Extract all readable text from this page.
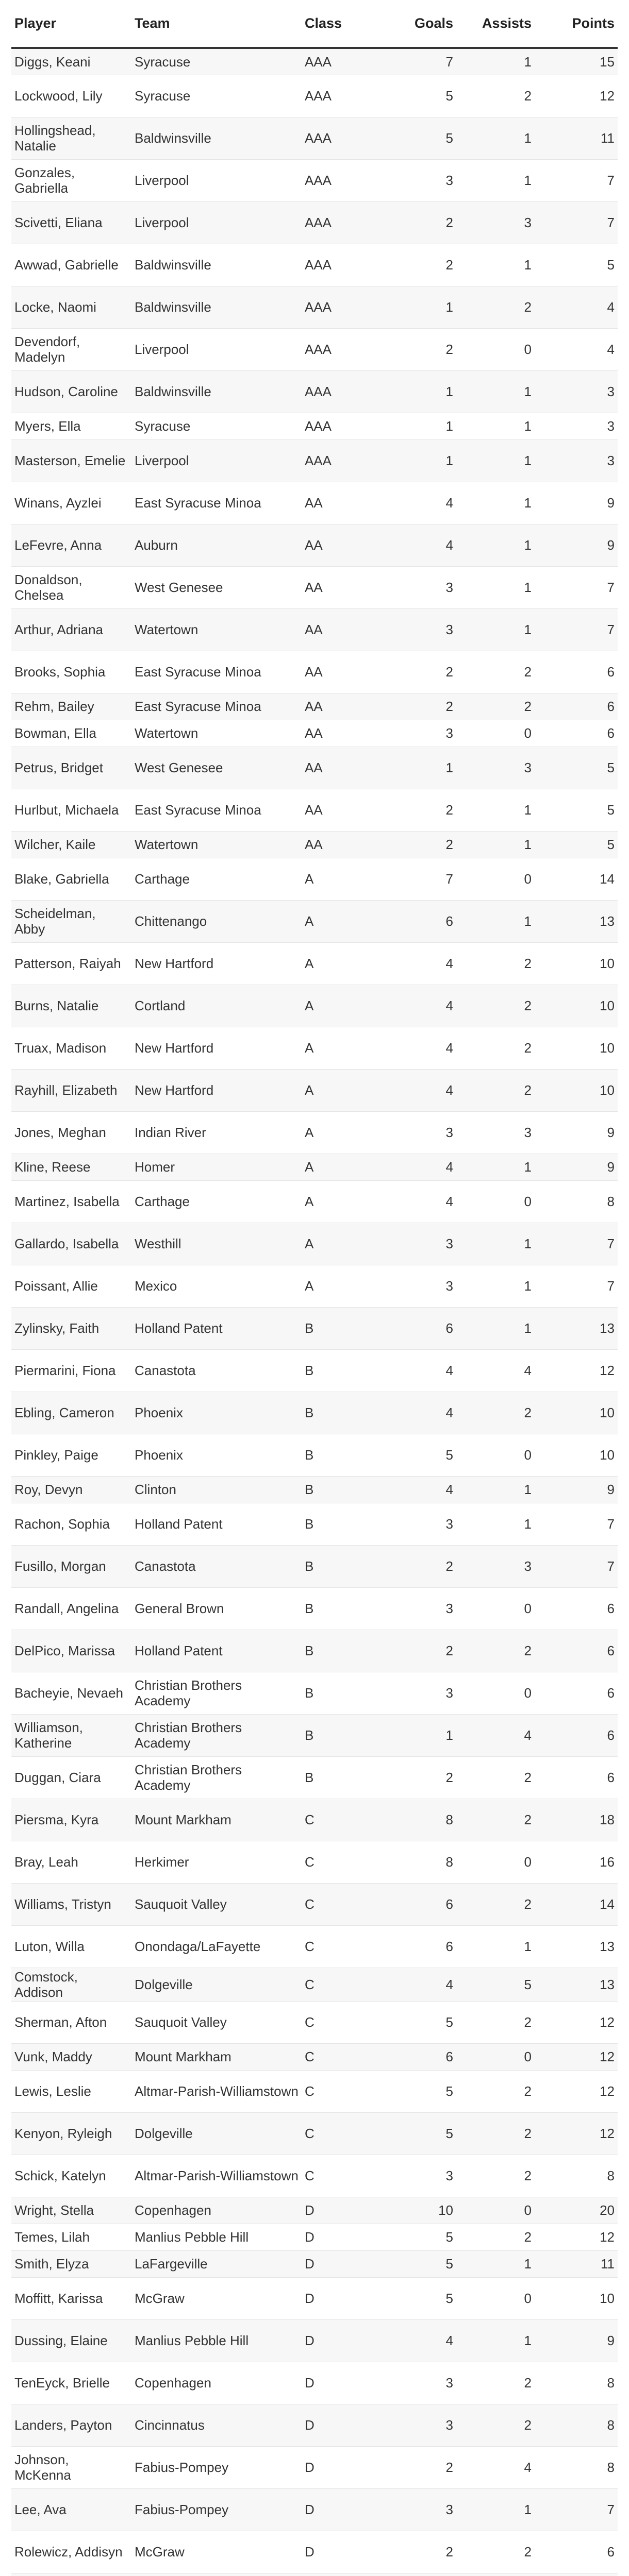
Player	Team	Class	Goals	Assists	Points
Diggs, Keani	Syracuse	AAA	7	1	15
Lockwood, Lily	Syracuse	AAA	5	2	12
Hollingshead, Natalie	Baldwinsville	AAA	5	1	11
Gonzales, Gabriella	Liverpool	AAA	3	1	7
Scivetti, Eliana	Liverpool	AAA	2	3	7
Awwad, Gabrielle	Baldwinsville	AAA	2	1	5
Locke, Naomi	Baldwinsville	AAA	1	2	4
Devendorf, Madelyn	Liverpool	AAA	2	0	4
Hudson, Caroline	Baldwinsville	AAA	1	1	3
Myers, Ella	Syracuse	AAA	1	1	3
Masterson, Emelie	Liverpool	AAA	1	1	3
Winans, Ayzlei	East Syracuse Minoa	AA	4	1	9
LeFevre, Anna	Auburn	AA	4	1	9
Donaldson, Chelsea	West Genesee	AA	3	1	7
Arthur, Adriana	Watertown	AA	3	1	7
Brooks, Sophia	East Syracuse Minoa	AA	2	2	6
Rehm, Bailey	East Syracuse Minoa	AA	2	2	6
Bowman, Ella	Watertown	AA	3	0	6
Petrus, Bridget	West Genesee	AA	1	3	5
Hurlbut, Michaela	East Syracuse Minoa	AA	2	1	5
Wilcher, Kaile	Watertown	AA	2	1	5
Blake, Gabriella	Carthage	A	7	0	14
Scheidelman, Abby	Chittenango	A	6	1	13
Patterson, Raiyah	New Hartford	A	4	2	10
Burns, Natalie	Cortland	A	4	2	10
Truax, Madison	New Hartford	A	4	2	10
Rayhill, Elizabeth	New Hartford	A	4	2	10
Jones, Meghan	Indian River	A	3	3	9
Kline, Reese	Homer	A	4	1	9
Martinez, Isabella	Carthage	A	4	0	8
Gallardo, Isabella	Westhill	A	3	1	7
Poissant, Allie	Mexico	A	3	1	7
Zylinsky, Faith	Holland Patent	B	6	1	13
Piermarini, Fiona	Canastota	B	4	4	12
Ebling, Cameron	Phoenix	B	4	2	10
Pinkley, Paige	Phoenix	B	5	0	10
Roy, Devyn	Clinton	B	4	1	9
Rachon, Sophia	Holland Patent	B	3	1	7
Fusillo, Morgan	Canastota	B	2	3	7
Randall, Angelina	General Brown	B	3	0	6
DelPico, Marissa	Holland Patent	B	2	2	6
Bacheyie, Nevaeh	Christian Brothers Academy	B	3	0	6
Williamson, Katherine	Christian Brothers Academy	B	1	4	6
Duggan, Ciara	Christian Brothers Academy	B	2	2	6
Piersma, Kyra	Mount Markham	C	8	2	18
Bray, Leah	Herkimer	C	8	0	16
Williams, Tristyn	Sauquoit Valley	C	6	2	14
Luton, Willa	Onondaga/LaFayette	C	6	1	13
Comstock, Addison	Dolgeville	C	4	5	13
Sherman, Afton	Sauquoit Valley	C	5	2	12
Vunk, Maddy	Mount Markham	C	6	0	12
Lewis, Leslie	Altmar-Parish-Williamstown	C	5	2	12
Kenyon, Ryleigh	Dolgeville	C	5	2	12
Schick, Katelyn	Altmar-Parish-Williamstown	C	3	2	8
Wright, Stella	Copenhagen	D	10	0	20
Temes, Lilah	Manlius Pebble Hill	D	5	2	12
Smith, Elyza	LaFargeville	D	5	1	11
Moffitt, Karissa	McGraw	D	5	0	10
Dussing, Elaine	Manlius Pebble Hill	D	4	1	9
TenEyck, Brielle	Copenhagen	D	3	2	8
Landers, Payton	Cincinnatus	D	3	2	8
Johnson, McKenna	Fabius-Pompey	D	2	4	8
Lee, Ava	Fabius-Pompey	D	3	1	7
Rolewicz, Addisyn	McGraw	D	2	2	6
